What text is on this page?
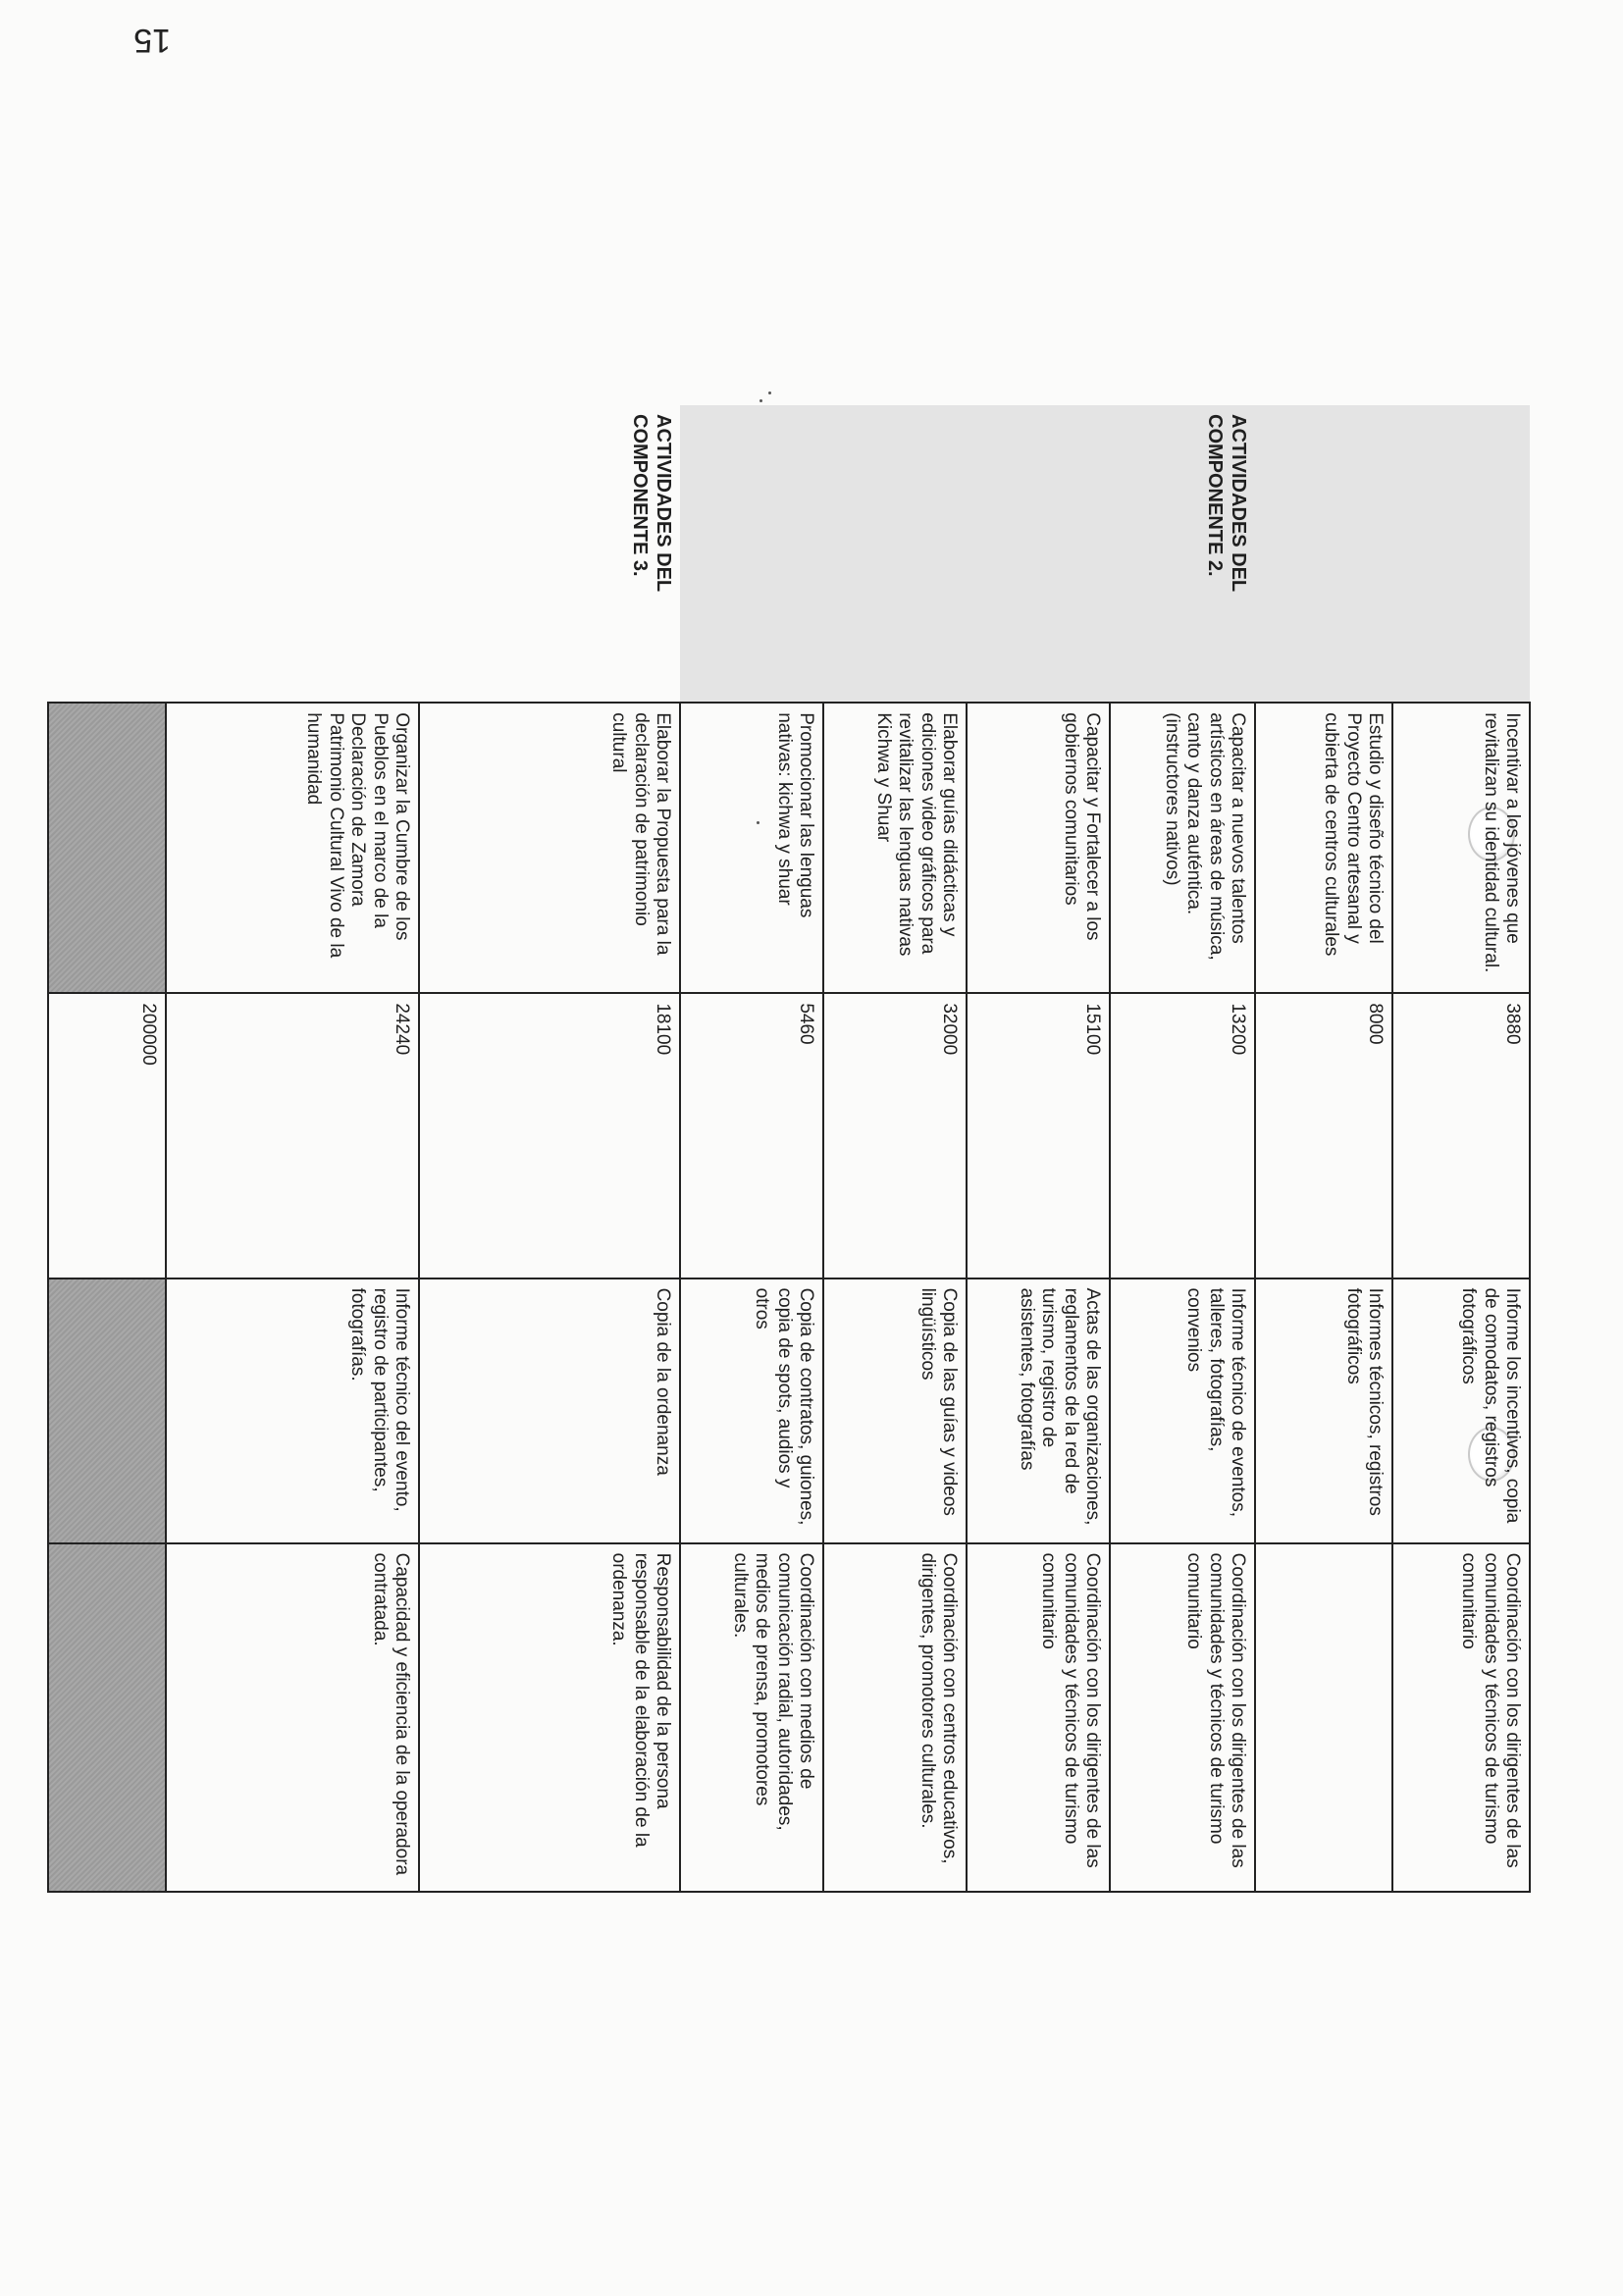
15
	Incentivar a los jóvenes que revitalizan su identidad cultural.	3880	Informe los incentivos, copia de comodatos, registros fotográficos	Coordinación con los dirigentes de las comunidades y técnicos de turismo comunitario
	Estudio y diseño técnico del Proyecto Centro artesanal y cubierta de centros culturales	8000	Informes técnicos, registros fotográficos	
ACTIVIDADES DEL COMPONENTE 2.	Capacitar a nuevos talentos artísticos en áreas de música, canto y danza auténtica.(instructores nativos)	13200	Informe técnico de eventos, talleres, fotografías, convenios	Coordinación con los dirigentes de las comunidades y técnicos de turismo comunitario
	Capacitar y Fortalecer a los gobiernos comunitarios	15100	Actas de las organizaciones, reglamentos de la red de turismo, registro de asistentes, fotografías	Coordinación con los dirigentes de las comunidades y técnicos de turismo comunitario
	Elaborar guías didácticas y ediciones video gráficos para revitalizar las lenguas nativas Kichwa y Shuar	32000	Copia de las guías y videos lingüísticos	Coordinación con centros educativos, dirigentes, promotores culturales.
	Promocionar las lenguas nativas: kichwa y shuar	5460	Copia de contratos, guiones, copia de spots, audios y otros	Coordinación con medios de comunicación radial, autoridades, medios de prensa, promotores culturales.
ACTIVIDADES DEL COMPONENTE 3.	Elaborar la Propuesta para la declaración de patrimonio cultural	18100	Copia de la ordenanza	Responsabilidad de la persona responsable de la elaboración de la ordenanza.
	Organizar la Cumbre de los Pueblos en el marco de la Declaración de Zamora Patrimonio Cultural Vivo de la humanidad	24240	Informe técnico del evento, registro de participantes, fotografías.	Capacidad y eficiencia de la operadora contratada.
		200000		
